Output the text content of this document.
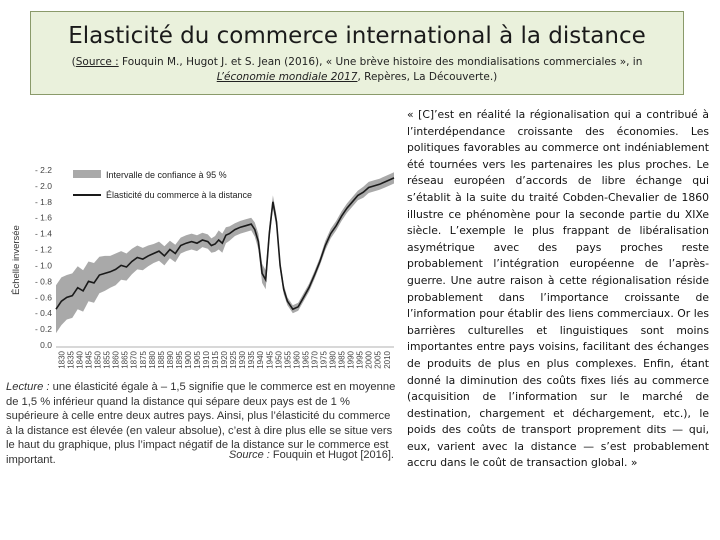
Elasticité du commerce international à la distance
(Source : Fouquin M., Hugot J. et S. Jean (2016), « Une brève histoire des mondialisations commerciales », in L’économie mondiale 2017, Repères, La Découverte.)
Échelle inversée
0.0
- 0.2
- 0.4
- 0.6
- 0.8
- 1.0
- 1.2
- 1.4
- 1.6
- 1.8
- 2.0
- 2.2
1830 1835 1840 1845 1850 1855 1860 1865 1870 1875 1880 1885 1890 1895 1900 1905 1910 1915 1920 1925 1930 1935 1940 1945 1950 1955 1960 1965 1970 1975 1980 1985 1990 1995 2000 2005 2010
Intervalle de confiance à 95 %
Élasticité du commerce à la distance
Lecture : une élasticité égale à – 1,5 signifie que le commerce est en moyenne de 1,5 % inférieur quand la distance qui sépare deux pays est de 1 % supérieure à celle entre deux autres pays. Ainsi, plus l’élasticité du commerce à la distance est élevée (en valeur absolue), c’est à dire plus elle se situe vers le haut du graphique, plus l’impact négatif de la distance sur le commerce est important.	Source : Fouquin et Hugot [2016].
« [C]’est en réalité la régionalisation qui a contribué à l’interdépendance croissante des économies. Les politiques favorables au commerce ont indéniablement été tournées vers les partenaires les plus proches. Le réseau européen d’accords de libre échange qui s’établit à la suite du traité Cobden-Chevalier de 1860 illustre ce phénomène pour la seconde partie du XIXe siècle. L’exemple le plus frappant de libéralisation asymétrique avec des pays proches reste probablement l’intégration européenne de l’après-guerre. Une autre raison à cette régionalisation réside probablement dans l’importance croissante de l’information pour établir des liens commerciaux. Or les barrières culturelles et linguistiques sont moins importantes entre pays voisins, facilitant des échanges de produits de plus en plus complexes. Enfin, étant donné la diminution des coûts fixes liés au commerce (acquisition de l’information sur le marché de destination, chargement et déchargement, etc.), le poids des coûts de transport proprement dits — qui, eux, varient avec la distance — s’est probablement accru dans le coût de transaction global. »
